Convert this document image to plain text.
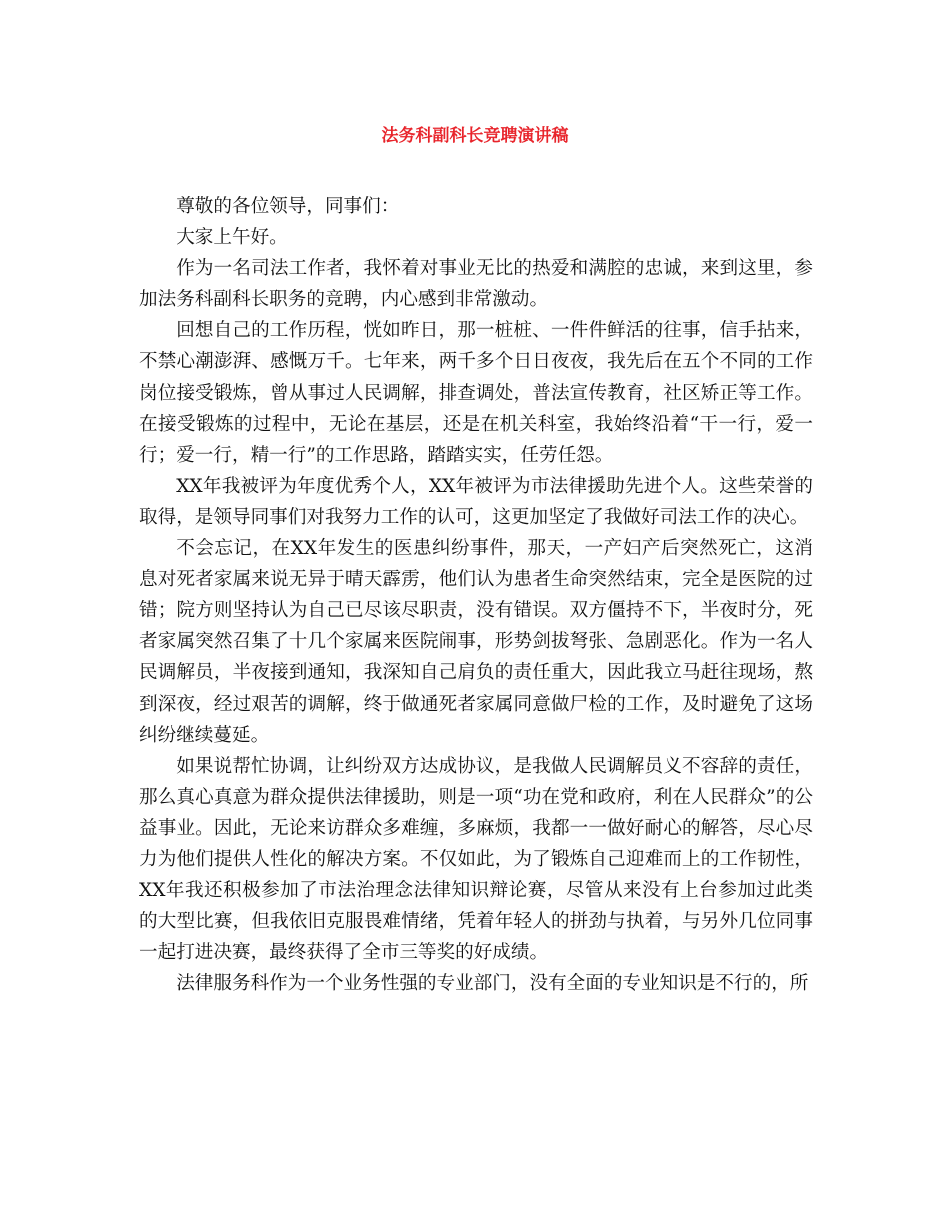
法务科副科长竞聘演讲稿

尊敬的各位领导，同事们：

大家上午好。

作为一名司法工作者，我怀着对事业无比的热爱和满腔的忠诚，来到这里，参加法务科副科长职务的竞聘，内心感到非常激动。

回想自己的工作历程，恍如昨日，那一桩桩、一件件鲜活的往事，信手拈来，不禁心潮澎湃、感慨万千。七年来，两千多个日日夜夜，我先后在五个不同的工作岗位接受锻炼，曾从事过人民调解，排查调处，普法宣传教育，社区矫正等工作。在接受锻炼的过程中，无论在基层，还是在机关科室，我始终沿着“干一行，爱一行；爱一行，精一行”的工作思路，踏踏实实，任劳任怨。

XX年我被评为年度优秀个人，XX年被评为市法律援助先进个人。这些荣誉的取得，是领导同事们对我努力工作的认可，这更加坚定了我做好司法工作的决心。

不会忘记，在XX年发生的医患纠纷事件，那天，一产妇产后突然死亡，这消息对死者家属来说无异于晴天霹雳，他们认为患者生命突然结束，完全是医院的过错；院方则坚持认为自己已尽该尽职责，没有错误。双方僵持不下，半夜时分，死者家属突然召集了十几个家属来医院闹事，形势剑拔弩张、急剧恶化。作为一名人民调解员，半夜接到通知，我深知自己肩负的责任重大，因此我立马赶往现场，熬到深夜，经过艰苦的调解，终于做通死者家属同意做尸检的工作，及时避免了这场纠纷继续蔓延。

如果说帮忙协调，让纠纷双方达成协议，是我做人民调解员义不容辞的责任，那么真心真意为群众提供法律援助，则是一项“功在党和政府，利在人民群众”的公益事业。因此，无论来访群众多难缠，多麻烦，我都一一做好耐心的解答，尽心尽力为他们提供人性化的解决方案。不仅如此，为了锻炼自己迎难而上的工作韧性，XX年我还积极参加了市法治理念法律知识辩论赛，尽管从来没有上台参加过此类的大型比赛，但我依旧克服畏难情绪，凭着年轻人的拼劲与执着，与另外几位同事一起打进决赛，最终获得了全市三等奖的好成绩。

法律服务科作为一个业务性强的专业部门，没有全面的专业知识是不行的，所
